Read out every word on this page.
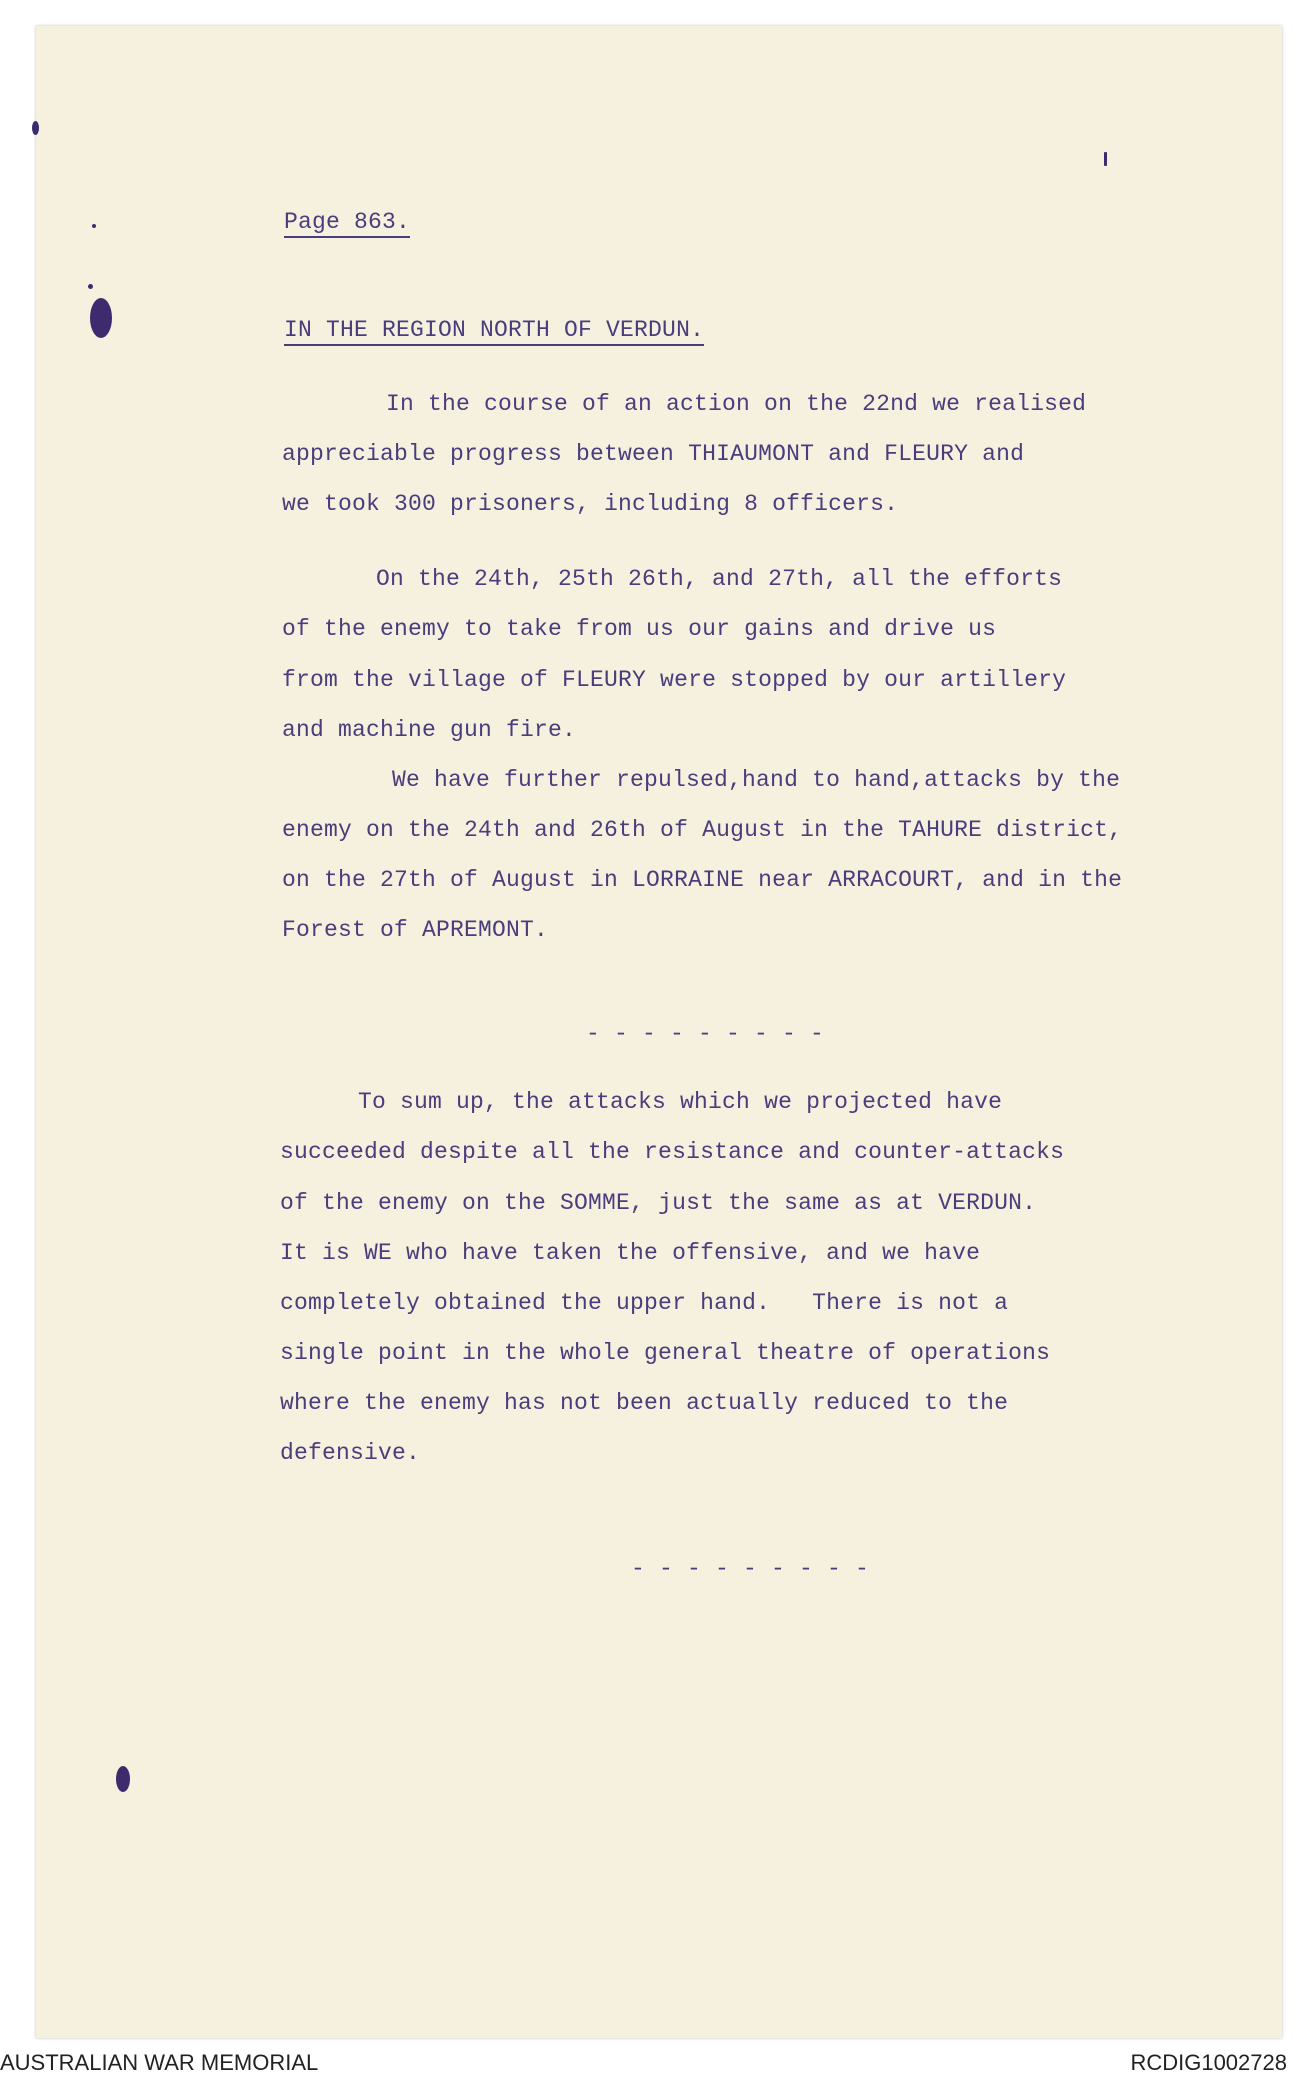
Page 863.
IN THE REGION NORTH OF VERDUN.
In the course of an action on the 22nd we realised
appreciable progress between THIAUMONT and FLEURY and
we took 300 prisoners, including 8 officers.
On the 24th, 25th 26th, and 27th, all the efforts
of the enemy to take from us our gains and drive us
from the village of FLEURY were stopped by our artillery
and machine gun fire.
We have further repulsed,hand to hand,attacks by the
enemy on the 24th and 26th of August in the TAHURE district,
on the 27th of August in LORRAINE near ARRACOURT, and in the
Forest of APREMONT.
- - - - - - - - -
To sum up, the attacks which we projected have
succeeded despite all the resistance and counter-attacks
of the enemy on the SOMME, just the same as at VERDUN.
It is WE who have taken the offensive, and we have
completely obtained the upper hand.   There is not a
single point in the whole general theatre of operations
where the enemy has not been actually reduced to the
defensive.
- - - - - - - - -
AUSTRALIAN WAR MEMORIAL	RCDIG1002728
